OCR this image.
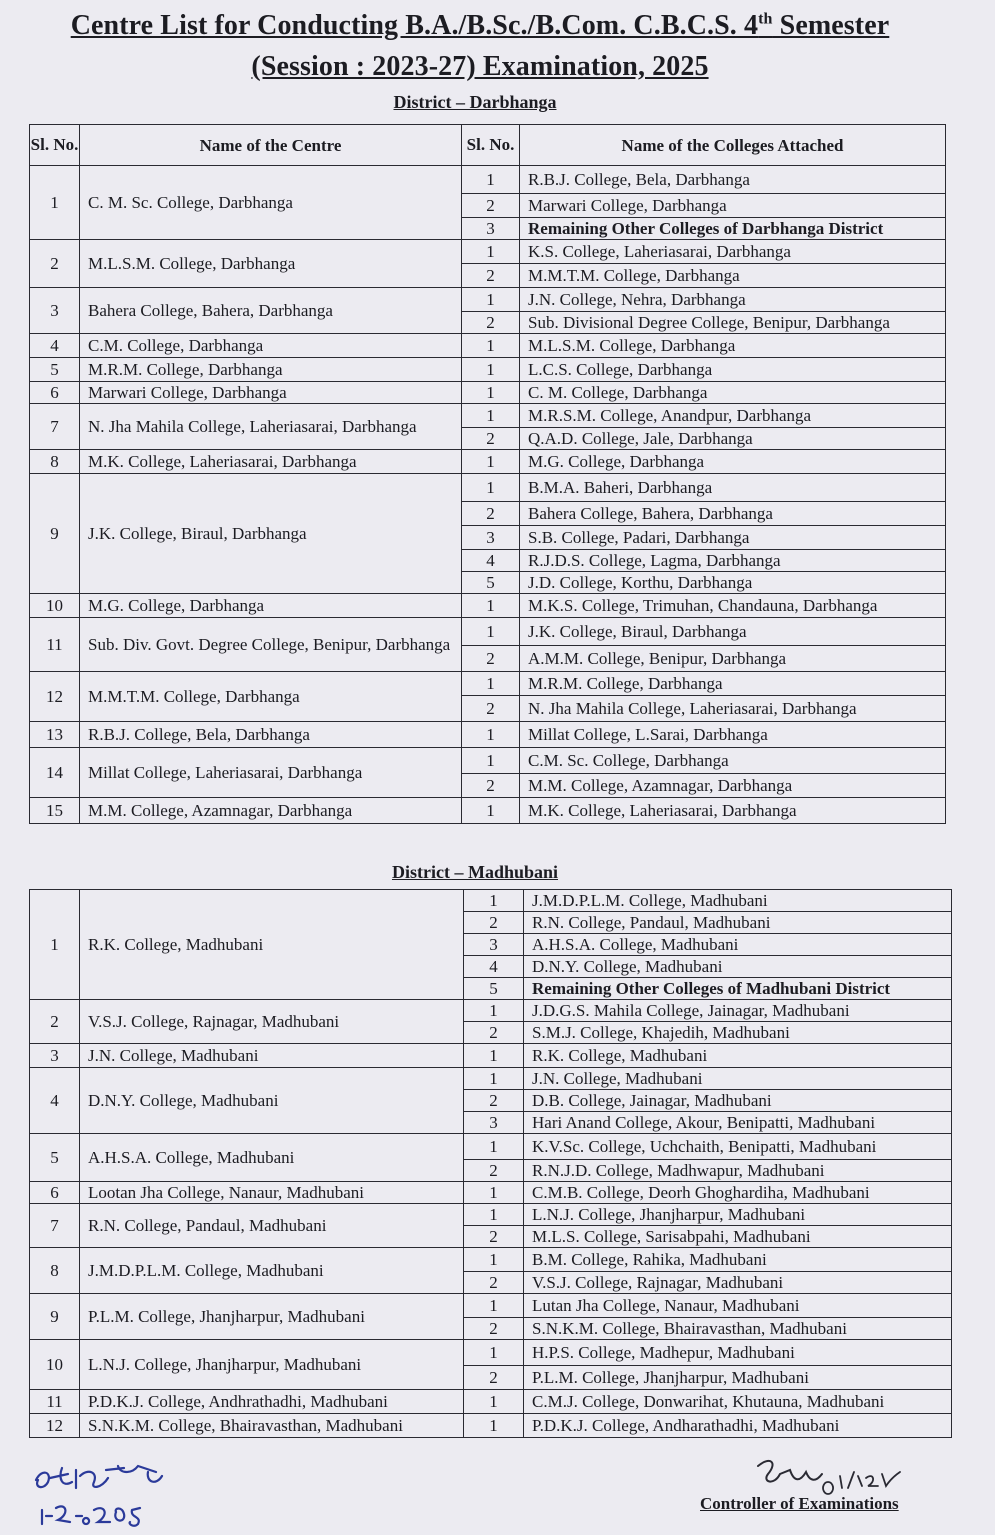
Centre List for Conducting B.A./B.Sc./B.Com. C.B.C.S. 4th Semester
(Session : 2023-27) Examination, 2025
District – Darbhanga
Sl. No.	Name of the Centre	Sl. No.	Name of the Colleges Attached
1	C. M. Sc. College, Darbhanga	1	R.B.J. College, Bela, Darbhanga
		2	Marwari College, Darbhanga
		3	Remaining Other Colleges of Darbhanga District
2	M.L.S.M. College, Darbhanga	1	K.S. College, Laheriasarai, Darbhanga
		2	M.M.T.M. College, Darbhanga
3	Bahera College, Bahera, Darbhanga	1	J.N. College, Nehra, Darbhanga
		2	Sub. Divisional Degree College, Benipur, Darbhanga
4	C.M. College, Darbhanga	1	M.L.S.M. College, Darbhanga
5	M.R.M. College, Darbhanga	1	L.C.S. College, Darbhanga
6	Marwari College, Darbhanga	1	C. M. College, Darbhanga
7	N. Jha Mahila College, Laheriasarai, Darbhanga	1	M.R.S.M. College, Anandpur, Darbhanga
		2	Q.A.D. College, Jale, Darbhanga
8	M.K. College, Laheriasarai, Darbhanga	1	M.G. College, Darbhanga
9	J.K. College, Biraul, Darbhanga	1	B.M.A. Baheri, Darbhanga
		2	Bahera College, Bahera, Darbhanga
		3	S.B. College, Padari, Darbhanga
		4	R.J.D.S. College, Lagma, Darbhanga
		5	J.D. College, Korthu, Darbhanga
10	M.G. College, Darbhanga	1	M.K.S. College, Trimuhan, Chandauna, Darbhanga
11	Sub. Div. Govt. Degree College, Benipur, Darbhanga	1	J.K. College, Biraul, Darbhanga
		2	A.M.M. College, Benipur, Darbhanga
12	M.M.T.M. College, Darbhanga	1	M.R.M. College, Darbhanga
		2	N. Jha Mahila College, Laheriasarai, Darbhanga
13	R.B.J. College, Bela, Darbhanga	1	Millat College, L.Sarai, Darbhanga
14	Millat College, Laheriasarai, Darbhanga	1	C.M. Sc. College, Darbhanga
		2	M.M. College, Azamnagar, Darbhanga
15	M.M. College, Azamnagar, Darbhanga	1	M.K. College, Laheriasarai, Darbhanga
District – Madhubani
1	R.K. College, Madhubani	1	J.M.D.P.L.M. College, Madhubani
		2	R.N. College, Pandaul, Madhubani
		3	A.H.S.A. College, Madhubani
		4	D.N.Y. College, Madhubani
		5	Remaining Other Colleges of Madhubani District
2	V.S.J. College, Rajnagar, Madhubani	1	J.D.G.S. Mahila College, Jainagar, Madhubani
		2	S.M.J. College, Khajedih, Madhubani
3	J.N. College, Madhubani	1	R.K. College, Madhubani
4	D.N.Y. College, Madhubani	1	J.N. College, Madhubani
		2	D.B. College, Jainagar, Madhubani
		3	Hari Anand College, Akour, Benipatti, Madhubani
5	A.H.S.A. College, Madhubani	1	K.V.Sc. College, Uchchaith, Benipatti, Madhubani
		2	R.N.J.D. College, Madhwapur, Madhubani
6	Lootan Jha College, Nanaur, Madhubani	1	C.M.B. College, Deorh Ghoghardiha, Madhubani
7	R.N. College, Pandaul, Madhubani	1	L.N.J. College, Jhanjharpur, Madhubani
		2	M.L.S. College, Sarisabpahi, Madhubani
8	J.M.D.P.L.M. College, Madhubani	1	B.M. College, Rahika, Madhubani
		2	V.S.J. College, Rajnagar, Madhubani
9	P.L.M. College, Jhanjharpur, Madhubani	1	Lutan Jha College, Nanaur, Madhubani
		2	S.N.K.M. College, Bhairavasthan, Madhubani
10	L.N.J. College, Jhanjharpur, Madhubani	1	H.P.S. College, Madhepur, Madhubani
		2	P.L.M. College, Jhanjharpur, Madhubani
11	P.D.K.J. College, Andhrathadhi, Madhubani	1	C.M.J. College, Donwarihat, Khutauna, Madhubani
12	S.N.K.M. College, Bhairavasthan, Madhubani	1	P.D.K.J. College, Andharathadhi, Madhubani
Controller of Examinations
